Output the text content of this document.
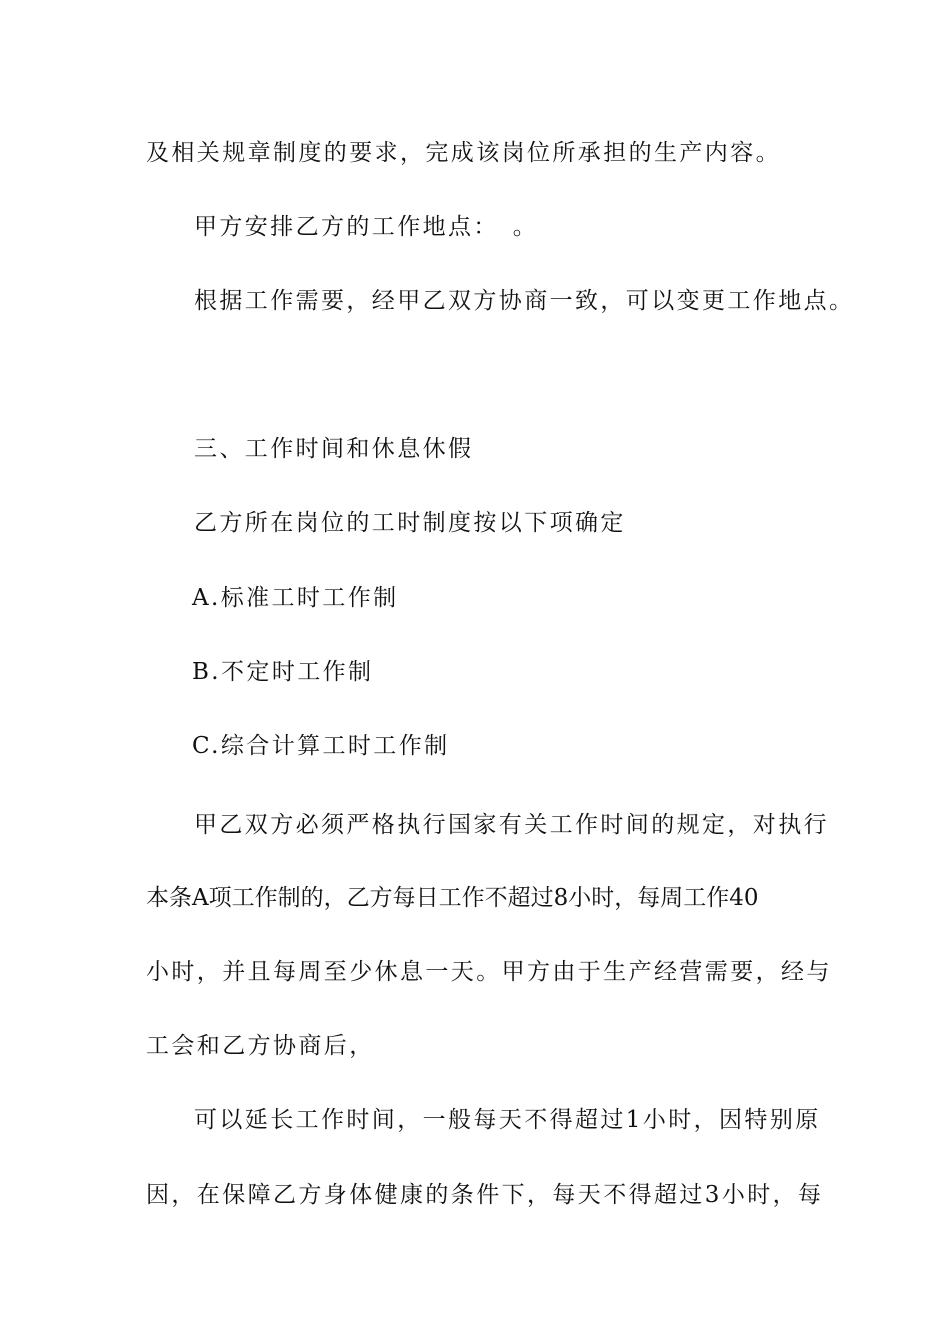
及相关规章制度的要求，完成该岗位所承担的生产内容。
甲方安排乙方的工作地点：　。
根据工作需要，经甲乙双方协商一致，可以变更工作地点。
三、工作时间和休息休假
乙方所在岗位的工时制度按以下项确定
A.标准工时工作制
B.不定时工作制
C.综合计算工时工作制
甲乙双方必须严格执行国家有关工作时间的规定，对执行
本条A项工作制的，乙方每日工作不超过8小时，每周工作40
小时，并且每周至少休息一天。甲方由于生产经营需要，经与
工会和乙方协商后，
可以延长工作时间，一般每天不得超过1小时，因特别原
因，在保障乙方身体健康的条件下，每天不得超过3小时，每
